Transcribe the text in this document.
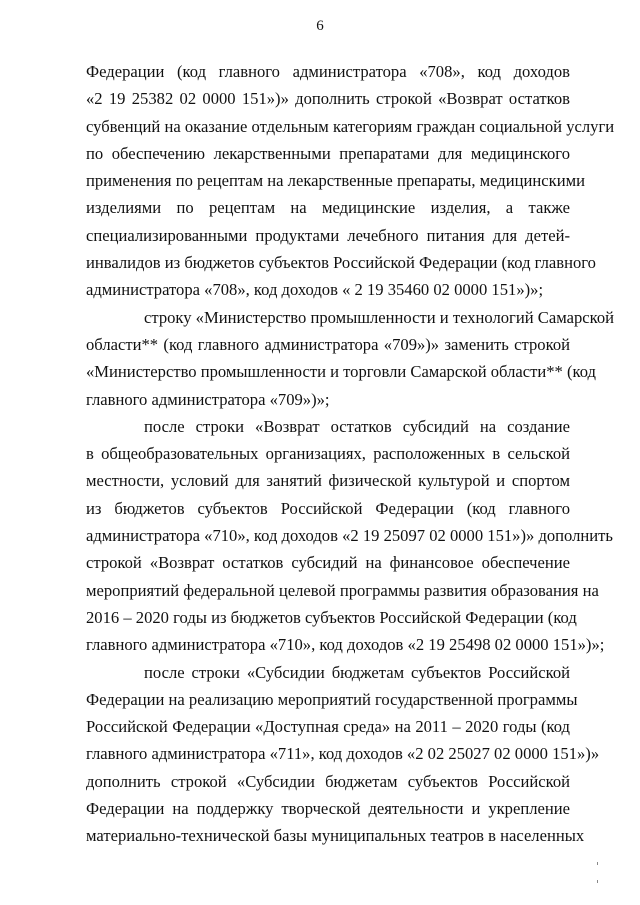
6
Федерации (код главного администратора «708», код доходов
«2 19 25382 02 0000 151»)» дополнить строкой «Возврат остатков
субвенций на оказание отдельным категориям граждан социальной услуги
по обеспечению лекарственными препаратами для медицинского
применения по рецептам на лекарственные препараты, медицинскими
изделиями по рецептам на медицинские изделия, а также
специализированными продуктами лечебного питания для детей-
инвалидов из бюджетов субъектов Российской Федерации (код главного
администратора «708», код доходов « 2 19 35460 02 0000 151»)»;
строку «Министерство промышленности и технологий Самарской
области** (код главного администратора «709»)» заменить строкой
«Министерство промышленности и торговли Самарской области** (код
главного администратора «709»)»;
после строки «Возврат остатков субсидий на создание
в общеобразовательных организациях, расположенных в сельской
местности, условий для занятий физической культурой и спортом
из бюджетов субъектов Российской Федерации (код главного
администратора «710», код доходов «2 19 25097 02 0000 151»)» дополнить
строкой «Возврат остатков субсидий на финансовое обеспечение
мероприятий федеральной целевой программы развития образования на
2016 – 2020 годы из бюджетов субъектов Российской Федерации (код
главного администратора «710», код доходов «2 19 25498 02 0000 151»)»;
после строки «Субсидии бюджетам субъектов Российской
Федерации на реализацию мероприятий государственной программы
Российской Федерации «Доступная среда» на 2011 – 2020 годы (код
главного администратора «711», код доходов «2 02 25027 02 0000 151»)»
дополнить строкой «Субсидии бюджетам субъектов Российской
Федерации на поддержку творческой деятельности и укрепление
материально-технической базы муниципальных театров в населенных
